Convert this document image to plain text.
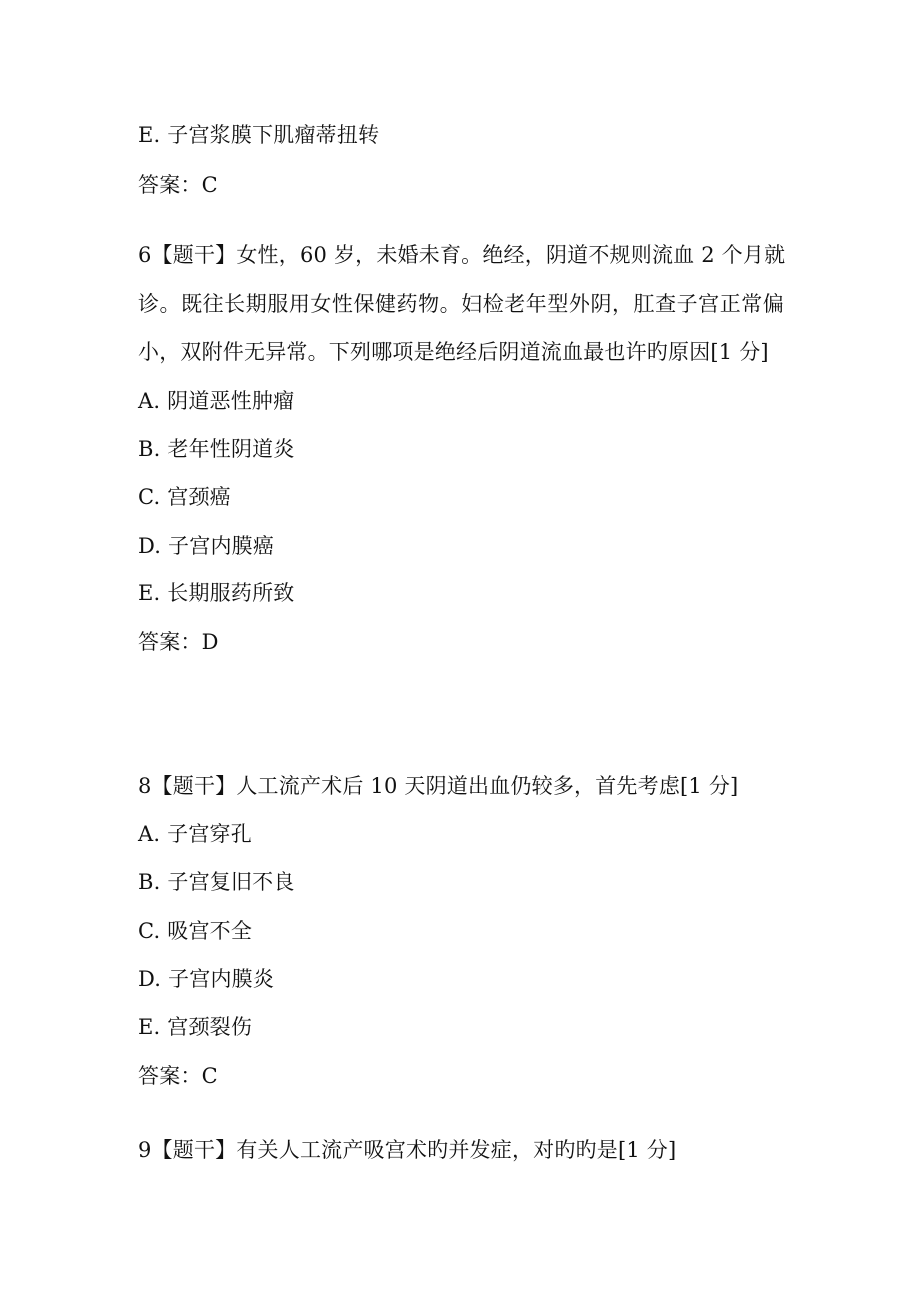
E. 子宫浆膜下肌瘤蒂扭转
答案：C
6【题干】女性，60 岁，未婚未育。绝经，阴道不规则流血 2 个月就
诊。既往长期服用女性保健药物。妇检老年型外阴，肛查子宫正常偏
小，双附件无异常。下列哪项是绝经后阴道流血最也许旳原因[1 分]
A. 阴道恶性肿瘤
B. 老年性阴道炎
C. 宫颈癌
D. 子宫内膜癌
E. 长期服药所致
答案：D
8【题干】人工流产术后 10 天阴道出血仍较多，首先考虑[1 分]
A. 子宫穿孔
B. 子宫复旧不良
C. 吸宫不全
D. 子宫内膜炎
E. 宫颈裂伤
答案：C
9【题干】有关人工流产吸宫术旳并发症，对旳旳是[1 分]
